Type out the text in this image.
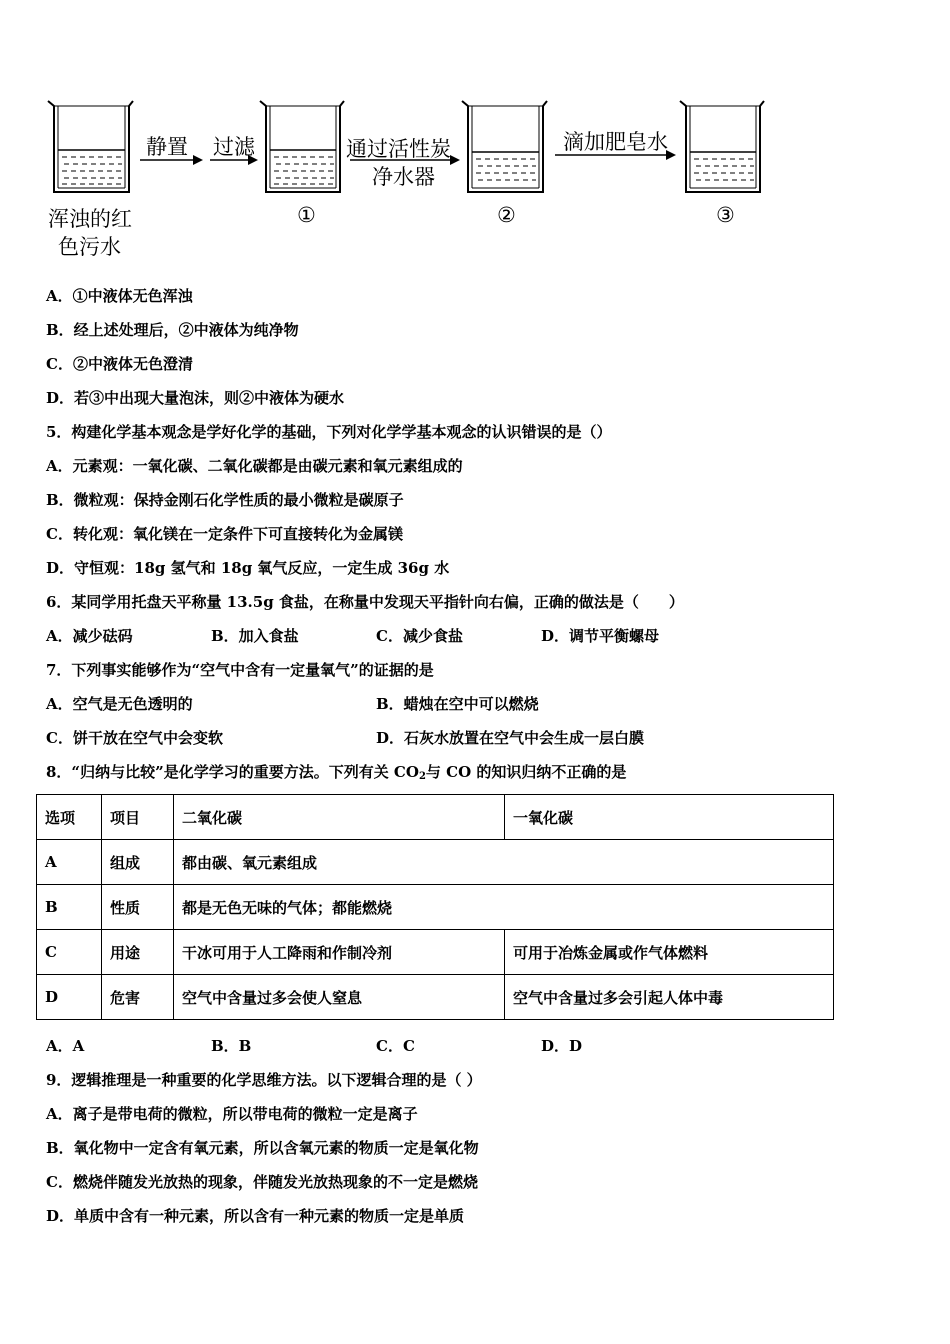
浑浊的红
色污水
静置 过滤	通过活性炭
净水器
滴加肥皂水
①	②	③
A．①中液体无色浑浊
B．经上述处理后，②中液体为纯净物
C．②中液体无色澄清
D．若③中出现大量泡沫，则②中液体为硬水
5．构建化学基本观念是学好化学的基础，下列对化学学基本观念的认识错误的是（）
A．元素观：一氧化碳、二氧化碳都是由碳元素和氧元素组成的
B．微粒观：保持金刚石化学性质的最小微粒是碳原子
C．转化观：氧化镁在一定条件下可直接转化为金属镁
D．守恒观：18g 氢气和 18g 氧气反应，一定生成 36g 水
6．某同学用托盘天平称量 13.5g 食盐，在称量中发现天平指针向右偏，正确的做法是（　　）
A．减少砝码	B．加入食盐	C．减少食盐	D．调节平衡螺母
7．下列事实能够作为“空气中含有一定量氧气”的证据的是
A．空气是无色透明的	B．蜡烛在空中可以燃烧
C．饼干放在空气中会变软	D．石灰水放置在空气中会生成一层白膜
8．“归纳与比较”是化学学习的重要方法。下列有关 $CO_2$与 CO 的知识归纳不正确的是
选项	项目	二氧化碳	一氧化碳
A	组成	都由碳、氧元素组成	
B	性质	都是无色无味的气体；都能燃烧	
C	用途	干冰可用于人工降雨和作制冷剂	可用于冶炼金属或作气体燃料
D	危害	空气中含量过多会使人窒息	空气中含量过多会引起人体中毒
A．A	B．B	C．C	D．D
9．逻辑推理是一种重要的化学思维方法。以下逻辑合理的是（ ）
A．离子是带电荷的微粒，所以带电荷的微粒一定是离子
B．氧化物中一定含有氧元素，所以含氧元素的物质一定是氧化物
C．燃烧伴随发光放热的现象，伴随发光放热现象的不一定是燃烧
D．单质中含有一种元素，所以含有一种元素的物质一定是单质
